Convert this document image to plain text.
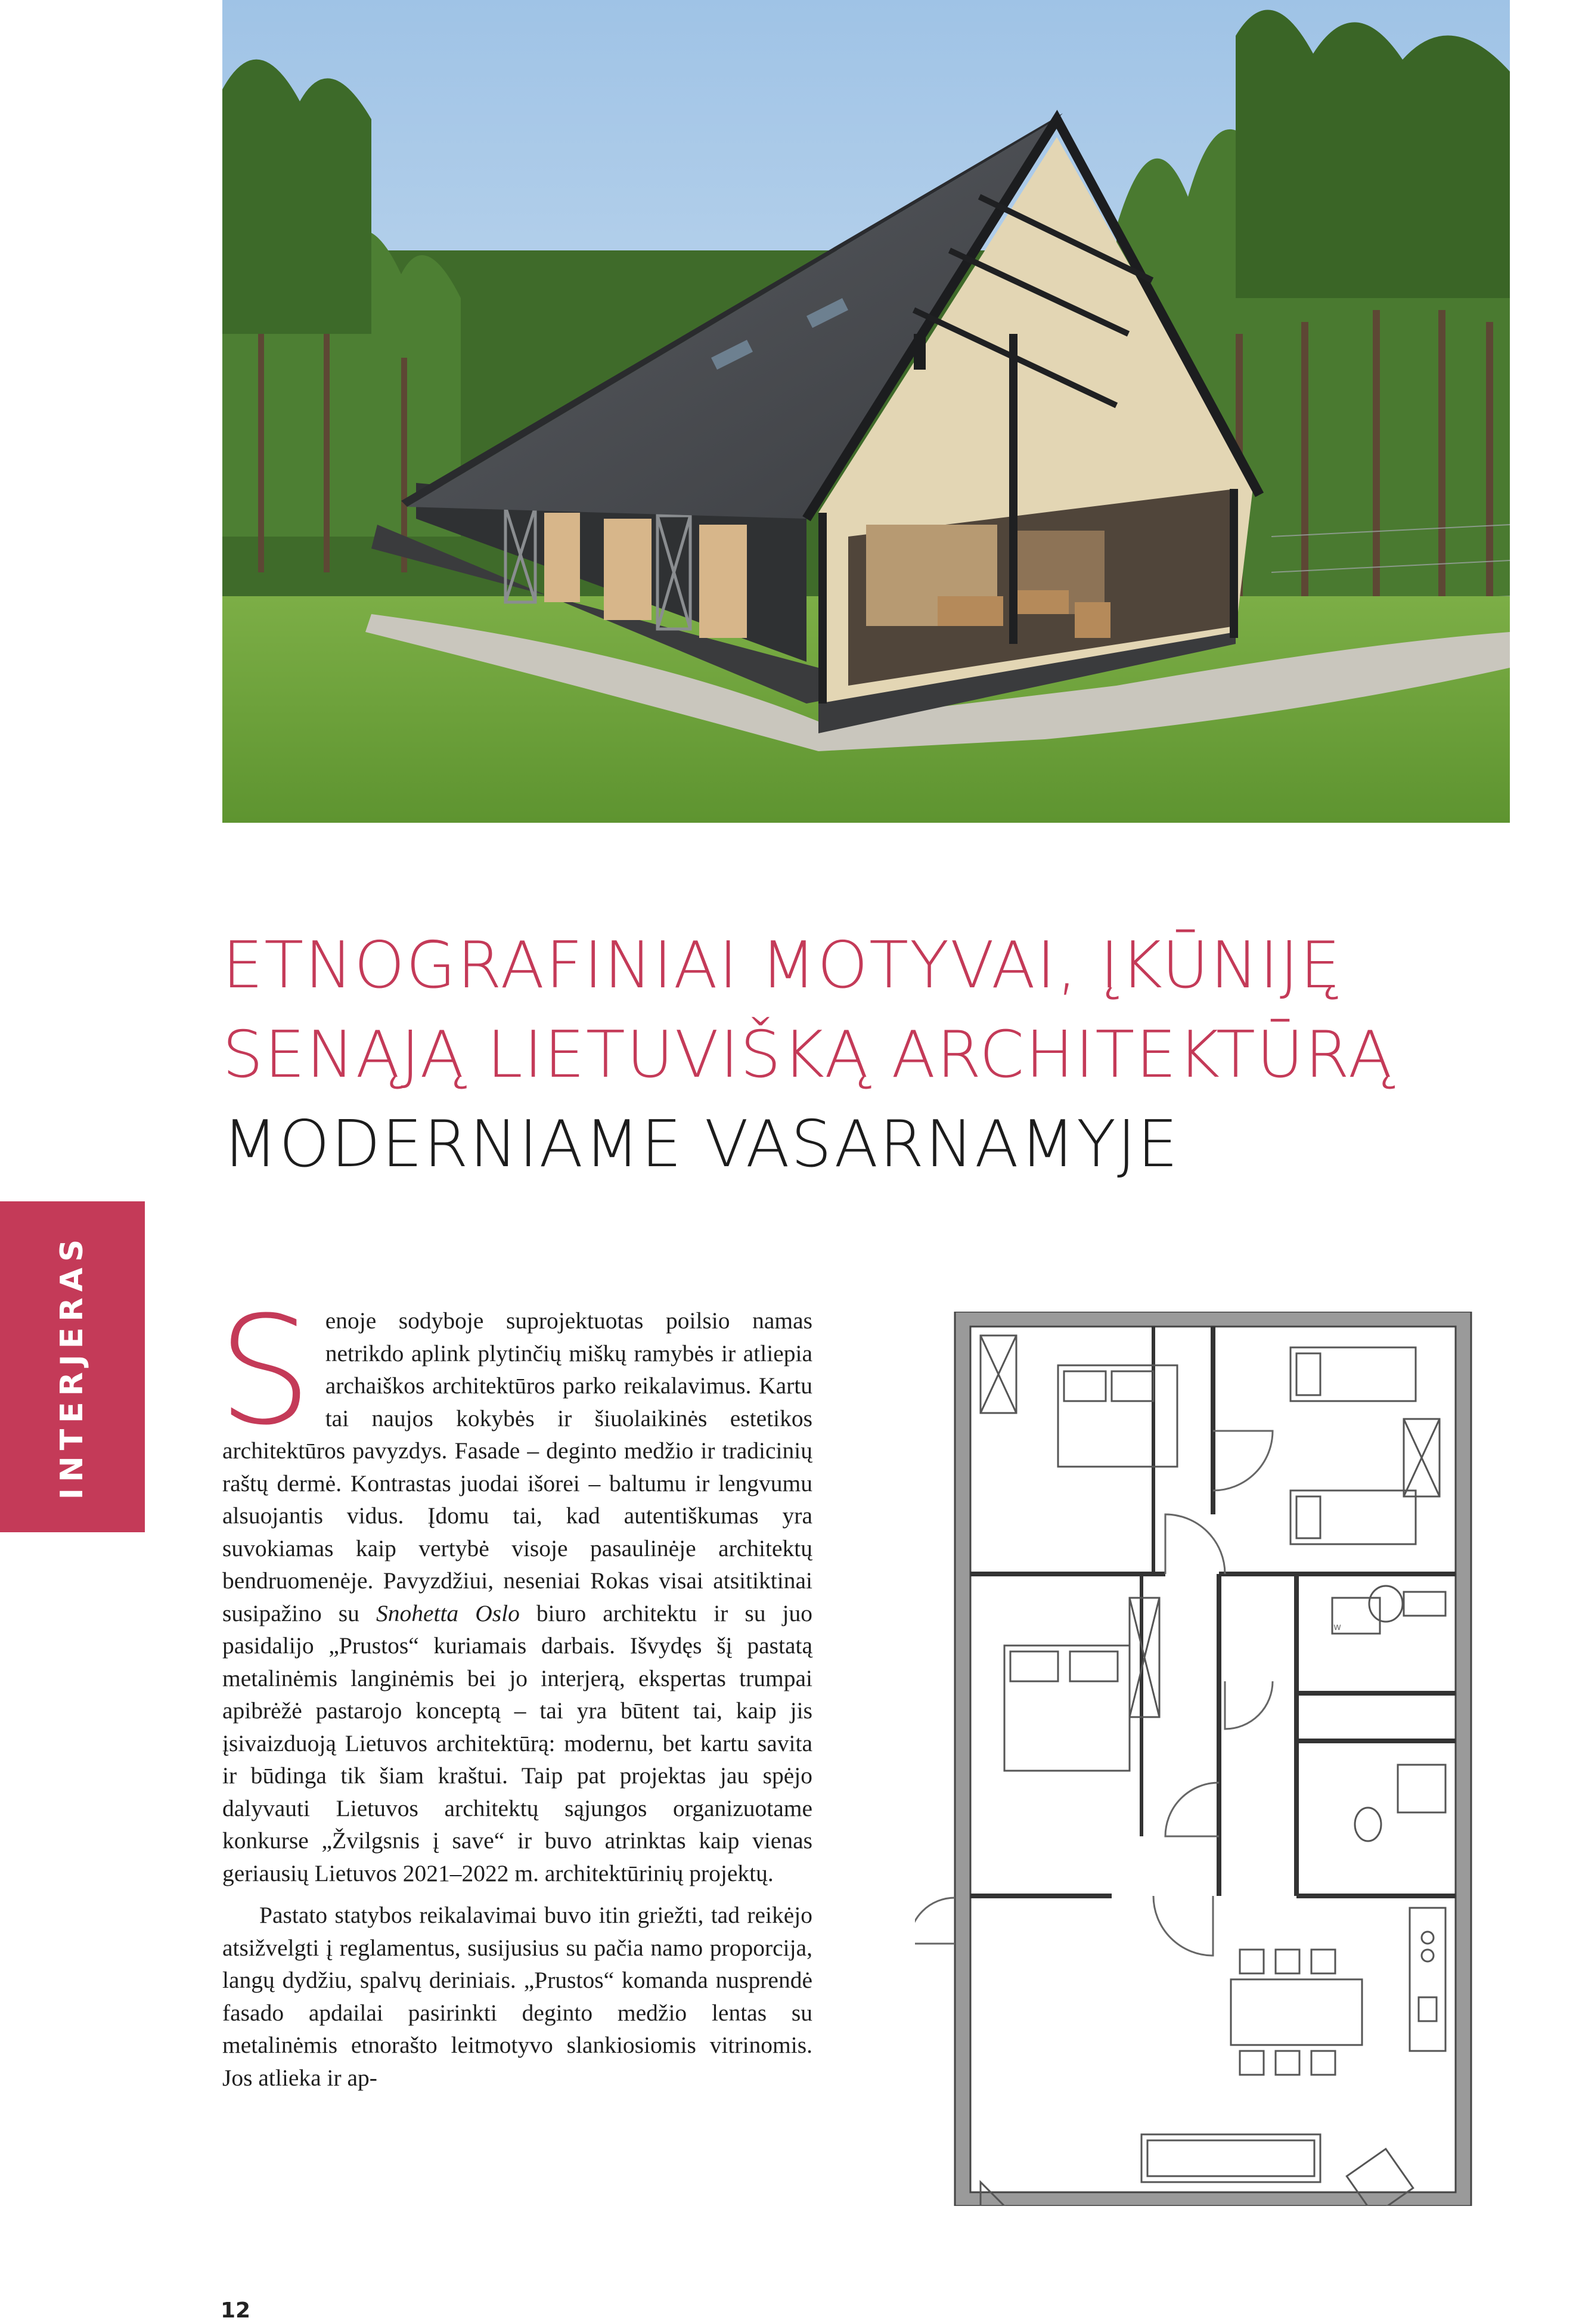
ETNOGRAFINIAI MOTYVAI, ĮKŪNIJĘ
SENĄJĄ LIETUVIŠKĄ ARCHITEKTŪRĄ
MODERNIAME VASARNAMYJE
INTERJERAS Senoje sodyboje suprojektuotas poilsio namas netrikdo aplink plytinčių miškų ramybės ir atliepia archaiškos architektūros parko reikalavimus. Kartu tai naujos kokybės ir šiuolaikinės estetikos architektūros pavyzdys. Fasade – deginto medžio ir tradicinių raštų dermė. Kontrastas juodai išorei – baltumu ir lengvumu alsuojantis vidus. Įdomu tai, kad autentiškumas yra suvokiamas kaip vertybė visoje pasaulinėje architektų bendruomenėje. Pavyzdžiui, neseniai Rokas visai atsitiktinai susipažino su Snohetta Oslo biuro architektu ir su juo pasidalijo „Prustos“ kuriamais darbais. Išvydęs šį pastatą metalinėmis langinėmis bei jo interjerą, ekspertas trumpai apibrėžė pastarojo konceptą – tai yra būtent tai, kaip jis įsivaizduoją Lietuvos architektūrą: modernu, bet kartu savita ir būdinga tik šiam kraštui. Taip pat projektas jau spėjo dalyvauti Lietuvos architektų sąjungos organizuotame konkurse „Žvilgsnis į save“ ir buvo atrinktas kaip vienas geriausių Lietuvos 2021–2022 m. architektūrinių projektų.

Pastato statybos reikalavimai buvo itin griežti, tad reikėjo atsižvelgti į reglamentus, susijusius su pačia namo proporcija, langų dydžiu, spalvų deriniais. „Prustos“ komanda nusprendė fasado apdailai pasirinkti deginto medžio lentas su metalinėmis etnorašto leitmotyvo slankiosiomis vitrinomis. Jos atlieka ir ap-

w
12
